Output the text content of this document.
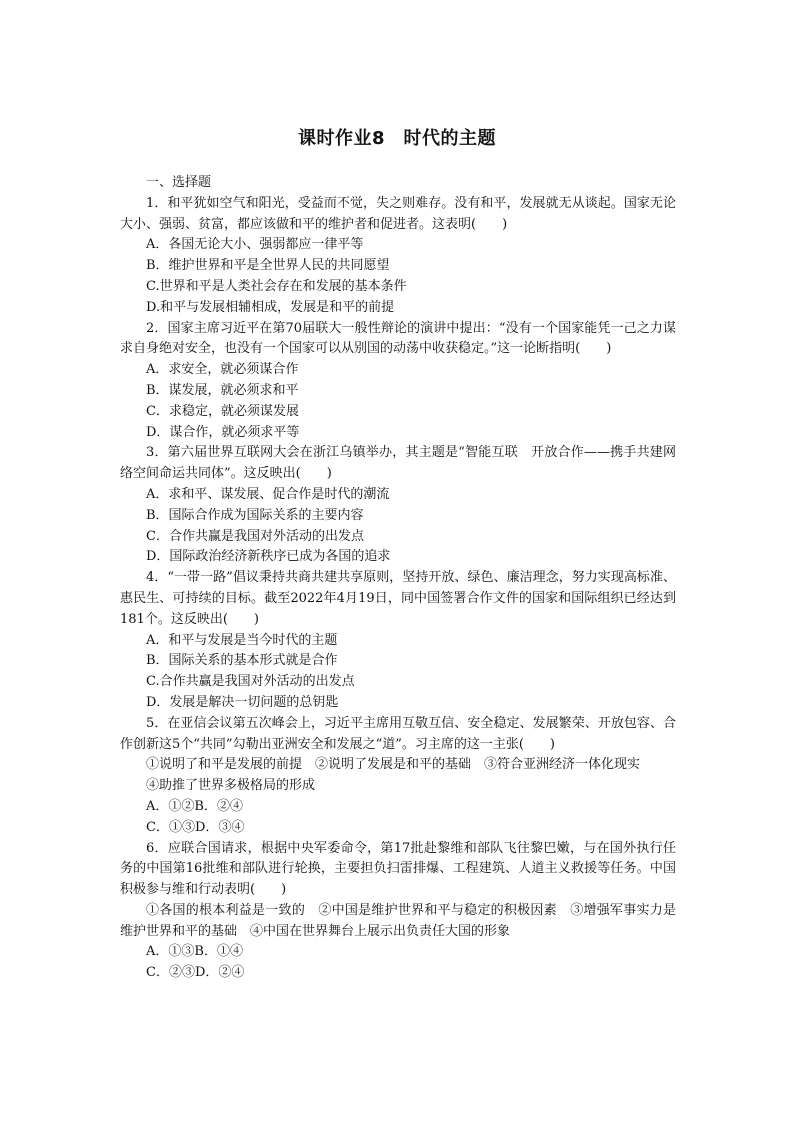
课时作业8　时代的主题

一、选择题

1．和平犹如空气和阳光，受益而不觉，失之则难存。没有和平，发展就无从谈起。国家无论大小、强弱、贫富，都应该做和平的维护者和促进者。这表明(　　)

A．各国无论大小、强弱都应一律平等

B．维护世界和平是全世界人民的共同愿望

C.世界和平是人类社会存在和发展的基本条件

D.和平与发展相辅相成，发展是和平的前提

2．国家主席习近平在第70届联大一般性辩论的演讲中提出：“没有一个国家能凭一己之力谋求自身绝对安全，也没有一个国家可以从别国的动荡中收获稳定。”这一论断指明(　　)

A．求安全，就必须谋合作

B．谋发展，就必须求和平

C．求稳定，就必须谋发展

D．谋合作，就必须求平等

3．第六届世界互联网大会在浙江乌镇举办，其主题是“智能互联　开放合作——携手共建网络空间命运共同体”。这反映出(　　)

A．求和平、谋发展、促合作是时代的潮流

B．国际合作成为国际关系的主要内容

C．合作共赢是我国对外活动的出发点

D．国际政治经济新秩序已成为各国的追求

4．“一带一路”倡议秉持共商共建共享原则，坚持开放、绿色、廉洁理念，努力实现高标准、惠民生、可持续的目标。截至2022年4月19日，同中国签署合作文件的国家和国际组织已经达到181个。这反映出(　　)

A．和平与发展是当今时代的主题

B．国际关系的基本形式就是合作

C.合作共赢是我国对外活动的出发点

D．发展是解决一切问题的总钥匙

5．在亚信会议第五次峰会上，习近平主席用互敬互信、安全稳定、发展繁荣、开放包容、合作创新这5个“共同”勾勒出亚洲安全和发展之“道”。习主席的这一主张(　　)

①说明了和平是发展的前提　②说明了发展是和平的基础　③符合亚洲经济一体化现实

④助推了世界多极格局的形成

A．①②B．②④

C．①③D．③④

6．应联合国请求，根据中央军委命令，第17批赴黎维和部队飞往黎巴嫩，与在国外执行任务的中国第16批维和部队进行轮换，主要担负扫雷排爆、工程建筑、人道主义救援等任务。中国积极参与维和行动表明(　　)

①各国的根本利益是一致的　②中国是维护世界和平与稳定的积极因素　③增强军事实力是维护世界和平的基础　④中国在世界舞台上展示出负责任大国的形象

A．①③B．①④

C．②③D．②④
